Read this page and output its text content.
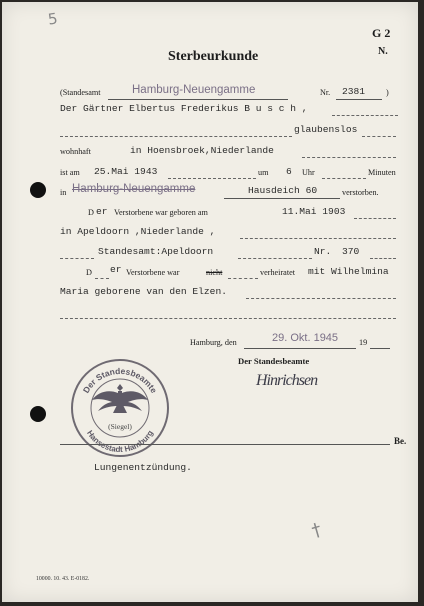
5
G 2
N.
Sterbeurkunde
(Standesamt	Hamburg-Neuengamme	Nr. 2381	)
Der Gärtner Elbertus Frederikus B u s c h ,
glaubenslos
wohnhaft	in Hoensbroek,Niederlande
ist am 25.Mai 1943	um 6 Uhr	Minuten
in Hamburg-Neuengamme	Hausdeich 60	verstorben.
D er Verstorbene war geboren am	11.Mai 1903
in Apeldoorn ,Niederlande ,
Standesamt:Apeldoorn	Nr. 370
D er Verstorbene war	nicht	verheiratet mit Wilhelmina
Maria geborene van den Elzen.
Hamburg, den	29. Okt. 1945	19
Der Standesbeamte
Hinrichsen
Der Standesbeamte
Hansestadt Hamburg
(Siegel)
Be.
Lungenentzündung.
†
10000. 10. 43. E-0182.
